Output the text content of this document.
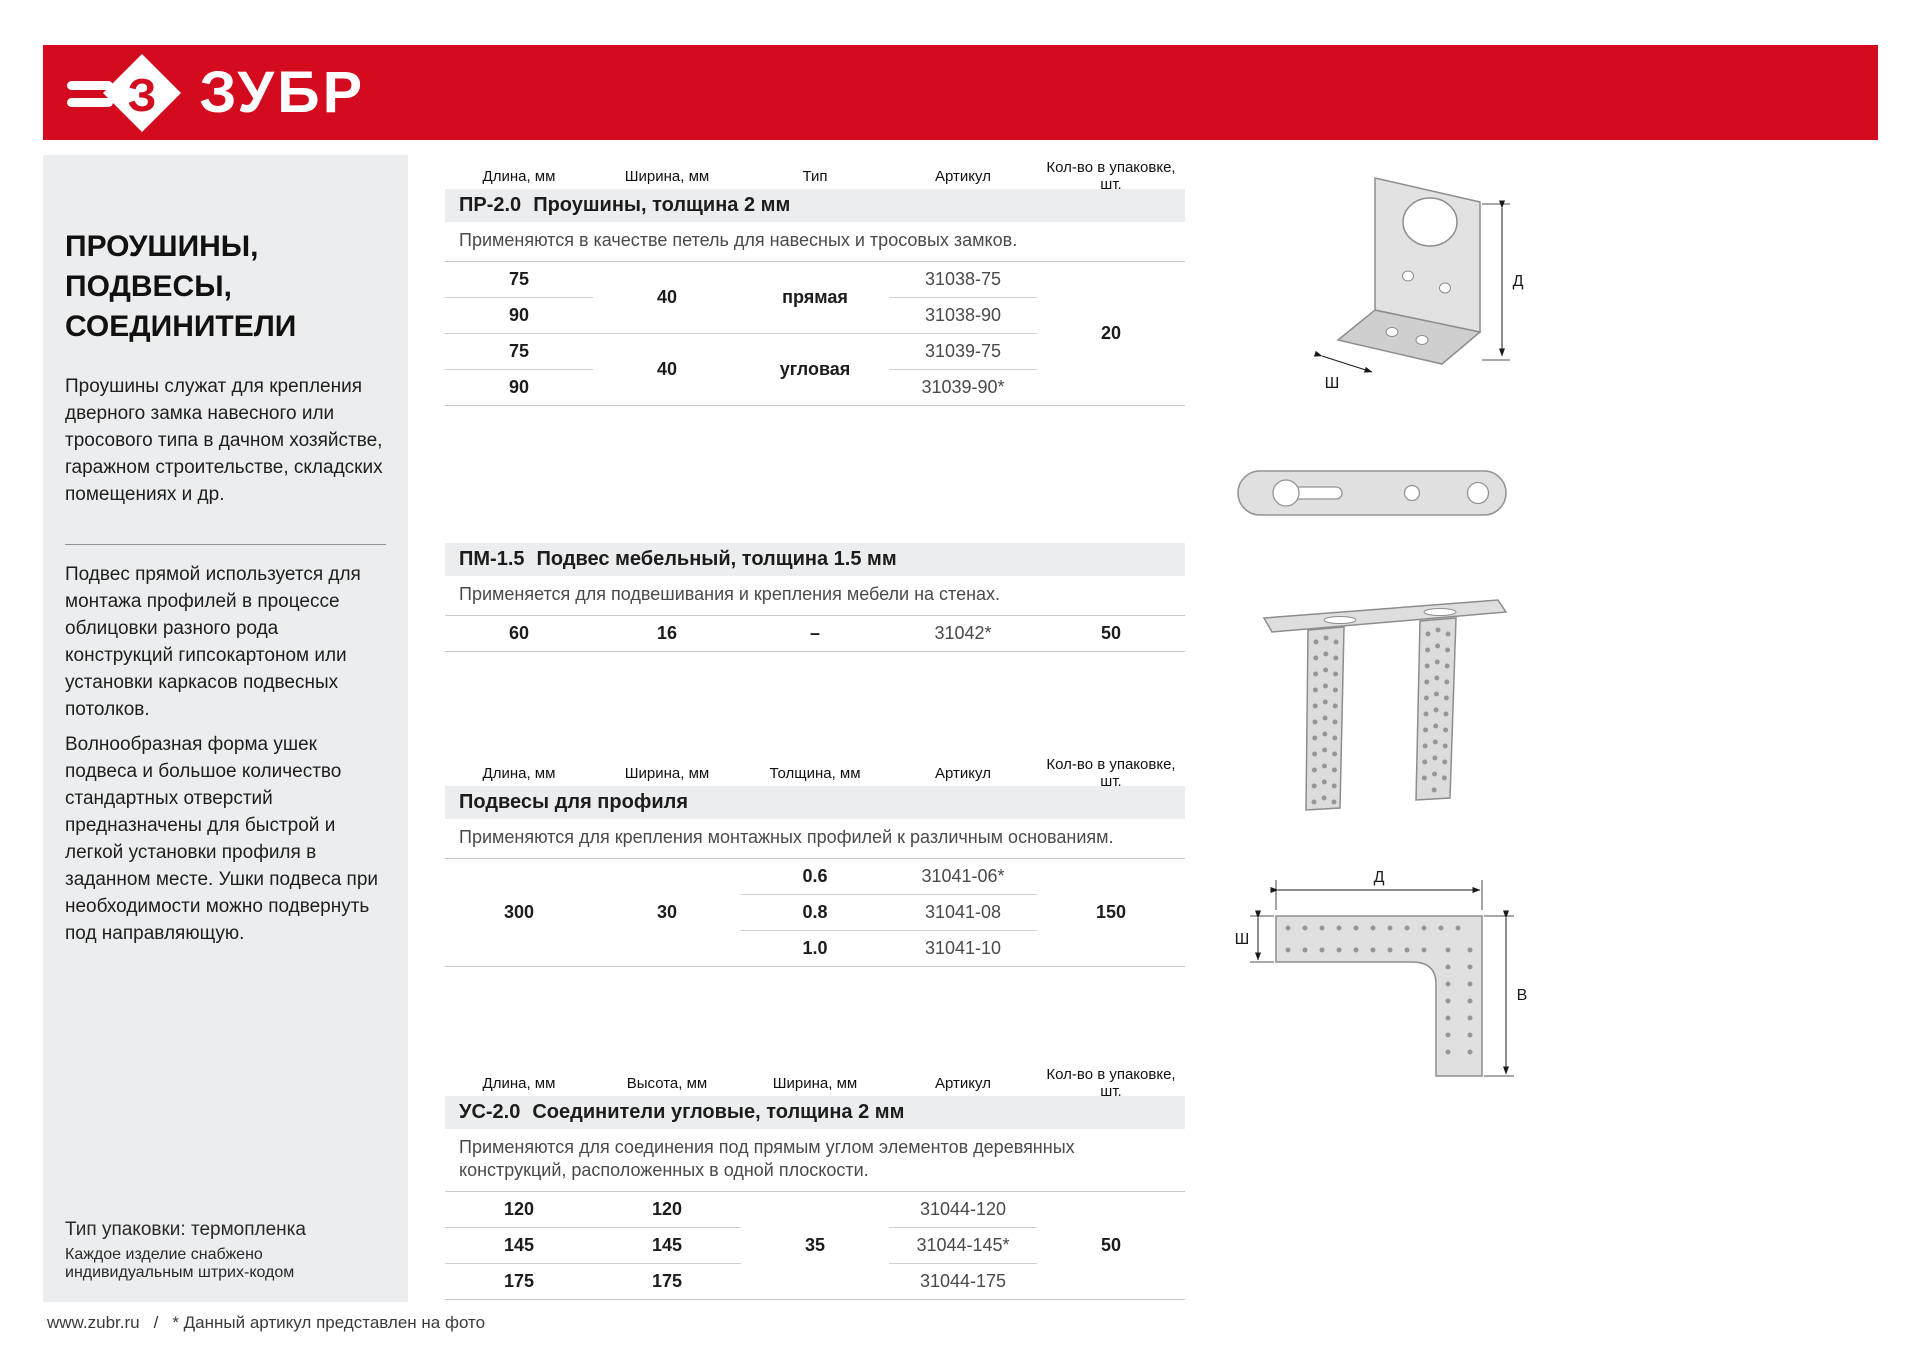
З ЗУБР
ПРОУШИНЫ,
ПОДВЕСЫ,
СОЕДИНИТЕЛИ
Проушины служат для крепления дверного замка навесного или тросового типа в дачном хозяйстве, гаражном строительстве, складских помещениях и др.
Подвес прямой используется для монтажа профилей в процессе облицовки разного рода конструкций гипсокартоном или установки каркасов подвесных потолков.
Волнообразная форма ушек подвеса и большое количество стандартных отверстий предназначены для быстрой и легкой установки профиля в заданном месте. Ушки подвеса при необходимости можно подвернуть под направляющую.
Тип упаковки: термопленка
Каждое изделие снабжено индивидуальным штрих-кодом
www.zubr.ru / * Данный артикул представлен на фото
Длина, мм	Ширина, мм	Тип	Артикул	Кол-во в упаковке, шт.
ПР-2.0 Проушины, толщина 2 мм
Применяются в качестве петель для навесных и тросовых замков.
75	40	прямая	31038-75	20
90			31038-90	
75	40	угловая	31039-75	
90			31039-90*	
ПМ-1.5 Подвес мебельный, толщина 1.5 мм
Применяется для подвешивания и крепления мебели на стенах.
60	16	–	31042*	50
Длина, мм	Ширина, мм	Толщина, мм	Артикул	Кол-во в упаковке, шт.
Подвесы для профиля
Применяются для крепления монтажных профилей к различным основаниям.
300	30	0.6	31041-06*	150
		0.8	31041-08	
		1.0	31041-10	
Длина, мм	Высота, мм	Ширина, мм	Артикул	Кол-во в упаковке, шт.
УС-2.0 Соединители угловые, толщина 2 мм
Применяются для соединения под прямым углом элементов деревянных конструкций, расположенных в одной плоскости.
120	120	35	31044-120	50
145	145		31044-145*	
175	175		31044-175	
Д
Ш
Д
Ш
В
